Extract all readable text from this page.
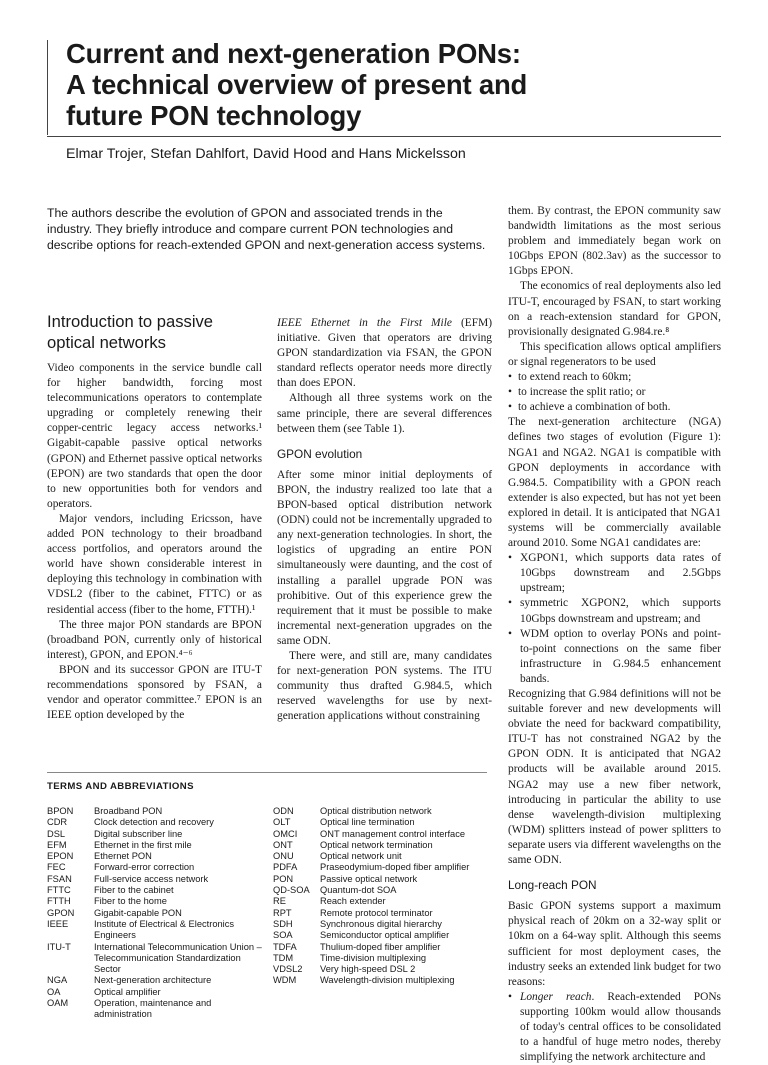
Current and next-generation PONs:
A technical overview of present and
future PON technology
Elmar Trojer, Stefan Dahlfort, David Hood and Hans Mickelsson
The authors describe the evolution of GPON and associated trends in the industry. They briefly introduce and compare current PON technologies and describe options for reach-extended GPON and next-generation access systems.
Introduction to passive optical networks

Video components in the service bundle call for higher bandwidth, forcing most telecommunications operators to contemplate upgrading or completely renewing their copper-centric legacy access networks.¹ Gigabit-capable passive optical networks (GPON) and Ethernet passive optical networks (EPON) are two standards that open the door to new opportunities both for vendors and operators.

Major vendors, including Ericsson, have added PON technology to their broadband access portfolios, and operators around the world have shown considerable interest in deploying this technology in combination with VDSL2 (fiber to the cabinet, FTTC) or as residential access (fiber to the home, FTTH).¹

The three major PON standards are BPON (broadband PON, currently only of historical interest), GPON, and EPON.⁴⁻⁶

BPON and its successor GPON are ITU-T recommendations sponsored by FSAN, a vendor and operator committee.⁷ EPON is an IEEE option developed by the

IEEE Ethernet in the First Mile (EFM) initiative. Given that operators are driving GPON standardization via FSAN, the GPON standard reflects operator needs more directly than does EPON.

Although all three systems work on the same principle, there are several differences between them (see Table 1).

GPON evolution

After some minor initial deployments of BPON, the industry realized too late that a BPON-based optical distribution network (ODN) could not be incrementally upgraded to any next-generation technologies. In short, the logistics of upgrading an entire PON simultaneously were daunting, and the cost of installing a parallel upgrade PON was prohibitive. Out of this experience grew the requirement that it must be possible to make incremental next-generation upgrades on the same ODN.

There were, and still are, many candidates for next-generation PON systems. The ITU community thus drafted G.984.5, which reserved wavelengths for use by next-generation applications without constraining

them. By contrast, the EPON community saw bandwidth limitations as the most serious problem and immediately began work on 10Gbps EPON (802.3av) as the successor to 1Gbps EPON.

The economics of real deployments also led ITU-T, encouraged by FSAN, to start working on a reach-extension standard for GPON, provisionally designated G.984.re.⁸

This specification allows optical amplifiers or signal regenerators to be used

• to extend reach to 60km;
• to increase the split ratio; or
• to achieve a combination of both.

The next-generation architecture (NGA) defines two stages of evolution (Figure 1): NGA1 and NGA2. NGA1 is compatible with GPON deployments in accordance with G.984.5. Compatibility with a GPON reach extender is also expected, but has not yet been explored in detail. It is anticipated that NGA1 systems will be commercially available around 2010. Some NGA1 candidates are:

• XGPON1, which supports data rates of 10Gbps downstream and 2.5Gbps upstream;
• symmetric XGPON2, which supports 10Gbps downstream and upstream; and
• WDM option to overlay PONs and point-to-point connections on the same fiber infrastructure in G.984.5 enhancement bands.

Recognizing that G.984 definitions will not be suitable forever and new developments will obviate the need for backward compatibility, ITU-T has not constrained NGA2 by the GPON ODN. It is anticipated that NGA2 products will be available around 2015. NGA2 may use a new fiber network, introducing in particular the ability to use dense wavelength-division multiplexing (WDM) splitters instead of power splitters to separate users via different wavelengths on the same ODN.

Long-reach PON

Basic GPON systems support a maximum physical reach of 20km on a 32-way split or 10km on a 64-way split. Although this seems sufficient for most deployment cases, the industry seeks an extended link budget for two reasons:

• Longer reach. Reach-extended PONs supporting 100km would allow thousands of today's central offices to be consolidated to a handful of huge metro nodes, thereby simplifying the network architecture and
TERMS AND ABBREVIATIONS
BPON	Broadband PON
CDR	Clock detection and recovery
DSL	Digital subscriber line
EFM	Ethernet in the first mile
EPON	Ethernet PON
FEC	Forward-error correction
FSAN	Full-service access network
FTTC	Fiber to the cabinet
FTTH	Fiber to the home
GPON	Gigabit-capable PON
IEEE	Institute of Electrical & Electronics Engineers
ITU-T	International Telecommunication Union – Telecommunication Standardization Sector
NGA	Next-generation architecture
OA	Optical amplifier
OAM	Operation, maintenance and administration
ODN	Optical distribution network
OLT	Optical line termination
OMCI	ONT management control interface
ONT	Optical network termination
ONU	Optical network unit
PDFA	Praseodymium-doped fiber amplifier
PON	Passive optical network
QD-SOA	Quantum-dot SOA
RE	Reach extender
RPT	Remote protocol terminator
SDH	Synchronous digital hierarchy
SOA	Semiconductor optical amplifier
TDFA	Thulium-doped fiber amplifier
TDM	Time-division multiplexing
VDSL2	Very high-speed DSL 2
WDM	Wavelength-division multiplexing
